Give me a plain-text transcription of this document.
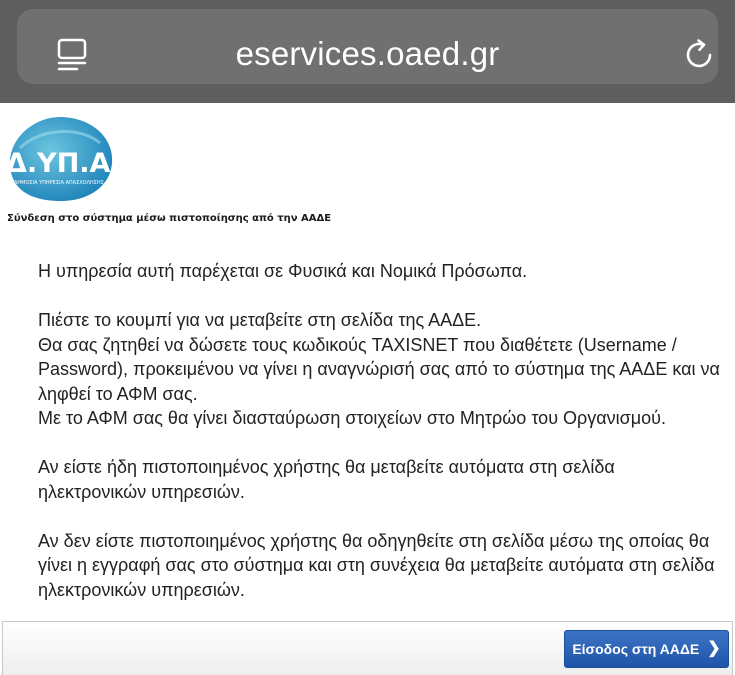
eservices.oaed.gr
Δ.ΥΠ.Α
ΔΗΜΟΣΙΑ ΥΠΗΡΕΣΙΑ ΑΠΑΣΧΟΛΗΣΗΣ
Σύνδεση στο σύστημα μέσω πιστοποίησης από την ΑΑΔΕ

Η υπηρεσία αυτή παρέχεται σε Φυσικά και Νομικά Πρόσωπα.

Πιέστε το κουμπί για να μεταβείτε στη σελίδα της ΑΑΔΕ.

Θα σας ζητηθεί να δώσετε τους κωδικούς TAXISNET που διαθέτετε (Username / Password), προκειμένου να γίνει η αναγνώρισή σας από το σύστημα της ΑΑΔΕ και να ληφθεί το ΑΦΜ σας.

Με το ΑΦΜ σας θα γίνει διασταύρωση στοιχείων στο Μητρώο του Οργανισμού.

Αν είστε ήδη πιστοποιημένος χρήστης θα μεταβείτε αυτόματα στη σελίδα ηλεκτρονικών υπηρεσιών.

Αν δεν είστε πιστοποιημένος χρήστης θα οδηγηθείτε στη σελίδα μέσω της οποίας θα γίνει η εγγραφή σας στο σύστημα και στη συνέχεια θα μεταβείτε αυτόματα στη σελίδα ηλεκτρονικών υπηρεσιών.

Είσοδος στη ΑΑΔΕ ❯
